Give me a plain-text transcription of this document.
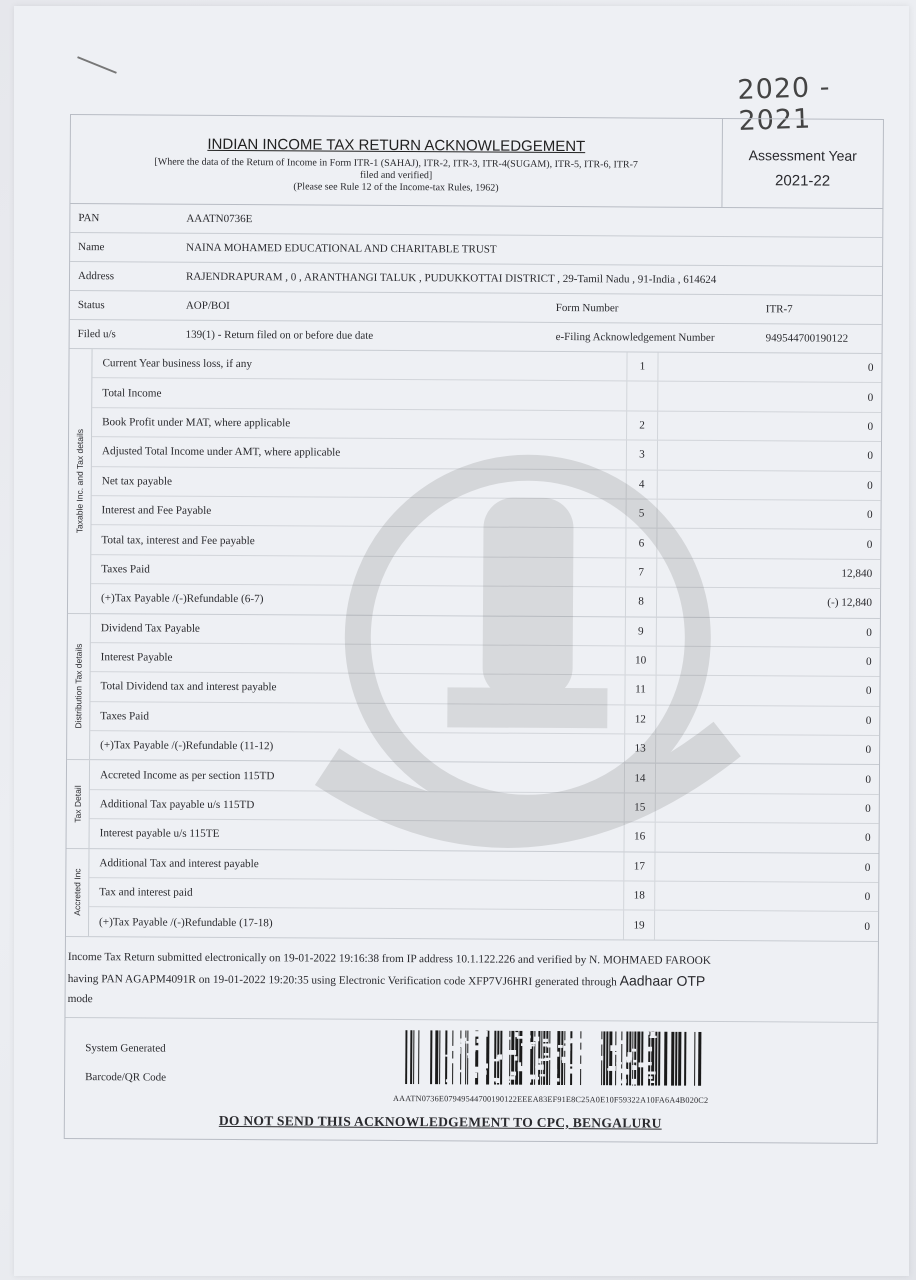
2020 - 2021
INDIAN INCOME TAX RETURN ACKNOWLEDGEMENT
[Where the data of the Return of Income in Form ITR-1 (SAHAJ), ITR-2, ITR-3, ITR-4(SUGAM), ITR-5, ITR-6, ITR-7
filed and verified]
(Please see Rule 12 of the Income-tax Rules, 1962)
Assessment Year
2021-22
PAN	AAATN0736E
Name	NAINA MOHAMED EDUCATIONAL AND CHARITABLE TRUST
Address	RAJENDRAPURAM , 0 , ARANTHANGI TALUK , PUDUKKOTTAI DISTRICT , 29-Tamil Nadu , 91-India , 614624
Status	AOP/BOI	Form Number	ITR-7
Filed u/s	139(1) - Return filed on or before due date	e-Filing Acknowledgement Number	949544700190122
Taxable Inc. and Tax details
Current Year business loss, if any	1	0
Total Income	0
Book Profit under MAT, where applicable	2	0
Adjusted Total Income under AMT, where applicable	3	0
Net tax payable	4	0
Interest and Fee Payable	5	0
Total tax, interest and Fee payable	6	0
Taxes Paid	7	12,840
(+)Tax Payable /(-)Refundable (6-7)	8	(-) 12,840
Distribution Tax details
Dividend Tax Payable	9	0
Interest Payable	10	0
Total Dividend tax and interest payable	11	0
Taxes Paid	12	0
(+)Tax Payable /(-)Refundable (11-12)	13	0
Tax Detail
Accreted Income as per section 115TD	14	0
Additional Tax payable u/s 115TD	15	0
Interest payable u/s 115TE	16	0
Accreted Inc
Additional Tax and interest payable	17	0
Tax and interest paid	18	0
(+)Tax Payable /(-)Refundable (17-18)	19	0
Income Tax Return submitted electronically on 19-01-2022 19:16:38 from IP address 10.1.122.226 and verified by N. MOHMAED FAROOK
having PAN AGAPM4091R on 19-01-2022 19:20:35 using Electronic Verification code XFP7VJ6HRI generated through Aadhaar OTP
mode
System Generated
Barcode/QR Code
AAATN0736E07949544700190122EEEA83EF91E8C25A0E10F59322A10FA6A4B020C2
DO NOT SEND THIS ACKNOWLEDGEMENT TO CPC, BENGALURU
